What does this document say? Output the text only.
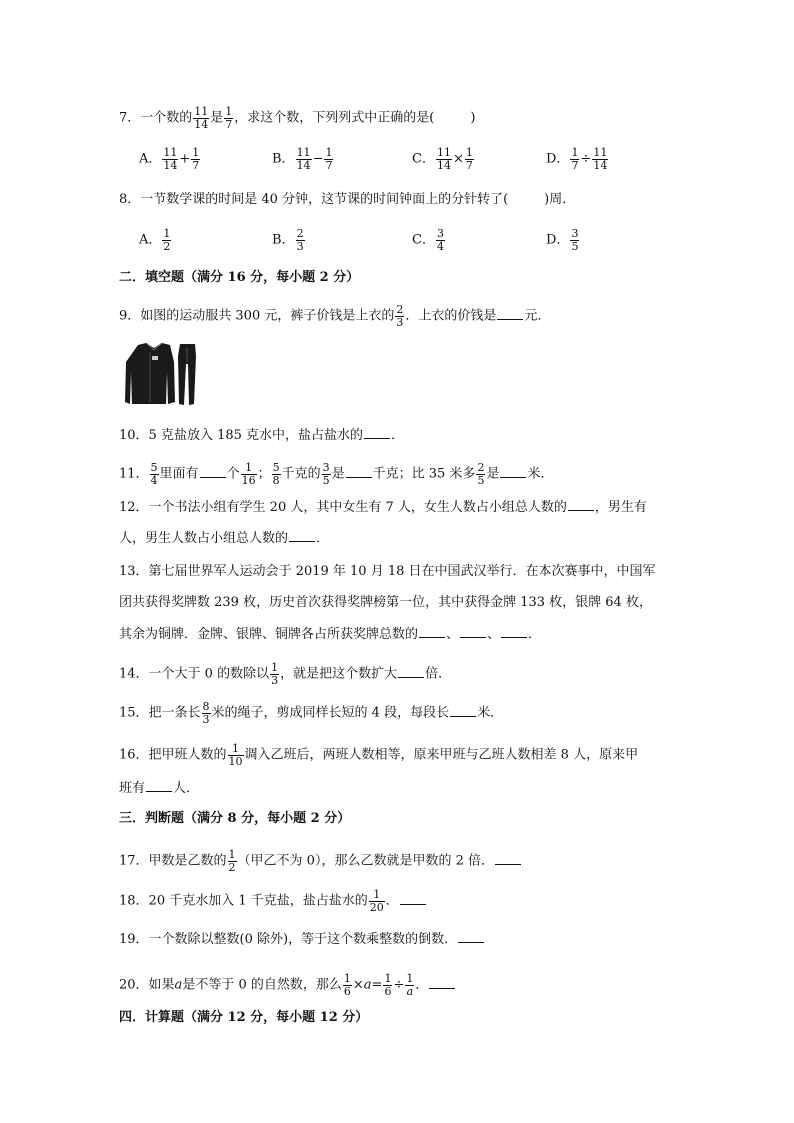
7．一个数的 $\frac{11}{14}$ 是 $\frac{1}{7}$ ，求这个数，下列列式中正确的是(	)
A． $\frac{11}{14} + \frac{1}{7}$	B． $\frac{11}{14} - \frac{1}{7}$	C． $\frac{11}{14} \times \frac{1}{7}$	D． $\frac{1}{7} \div \frac{11}{14}$
8．一节数学课的时间是 40 分钟，这节课的时间钟面上的分针转了(	)周．
A． $\frac{1}{2}$	B． $\frac{2}{3}$	C． $\frac{3}{4}$	D． $\frac{3}{5}$
二．填空题（满分 16 分，每小题 2 分）
9．如图的运动服共 300 元，裤子价钱是上衣的 $\frac{2}{3}$ ．上衣的价钱是 元．
10．5 克盐放入 185 克水中，盐占盐水的 ．
11． $\frac{5}{4}$ 里面有 个 $\frac{1}{16}$ ； $\frac{5}{8}$ 千克的 $\frac{3}{5}$ 是 千克；比 35 米多 $\frac{2}{5}$ 是 米．
12．一个书法小组有学生 20 人，其中女生有 7 人，女生人数占小组总人数的 ，男生有
人，男生人数占小组总人数的 ．
13．第七届世界军人运动会于 2019 年 10 月 18 日在中国武汉举行．在本次赛事中，中国军
团共获得奖牌数 239 枚，历史首次获得奖牌榜第一位，其中获得金牌 133 枚，银牌 64 枚，
其余为铜牌．金牌、银牌、铜牌各占所获奖牌总数的 、 、 ．
14．一个大于 0 的数除以 $\frac{1}{3}$ ，就是把这个数扩大 倍．
15．把一条长 $\frac{8}{3}$ 米的绳子，剪成同样长短的 4 段，每段长 米．
16．把甲班人数的 $\frac{1}{10}$ 调入乙班后，两班人数相等，原来甲班与乙班人数相差 8 人，原来甲
班有 人．
三．判断题（满分 8 分，每小题 2 分）
17．甲数是乙数的 $\frac{1}{2}$ （甲乙不为 0），那么乙数就是甲数的 2 倍．
18．20 千克水加入 1 千克盐，盐占盐水的 $\frac{1}{20}$ ．
19．一个数除以整数(0 除外)，等于这个数乘整数的倒数．
20．如果a是不等于 0 的自然数，那么 $\frac{1}{6} \times a= \frac{1}{6} \div \frac{1}{a}$ ．
四．计算题（满分 12 分，每小题 12 分）
